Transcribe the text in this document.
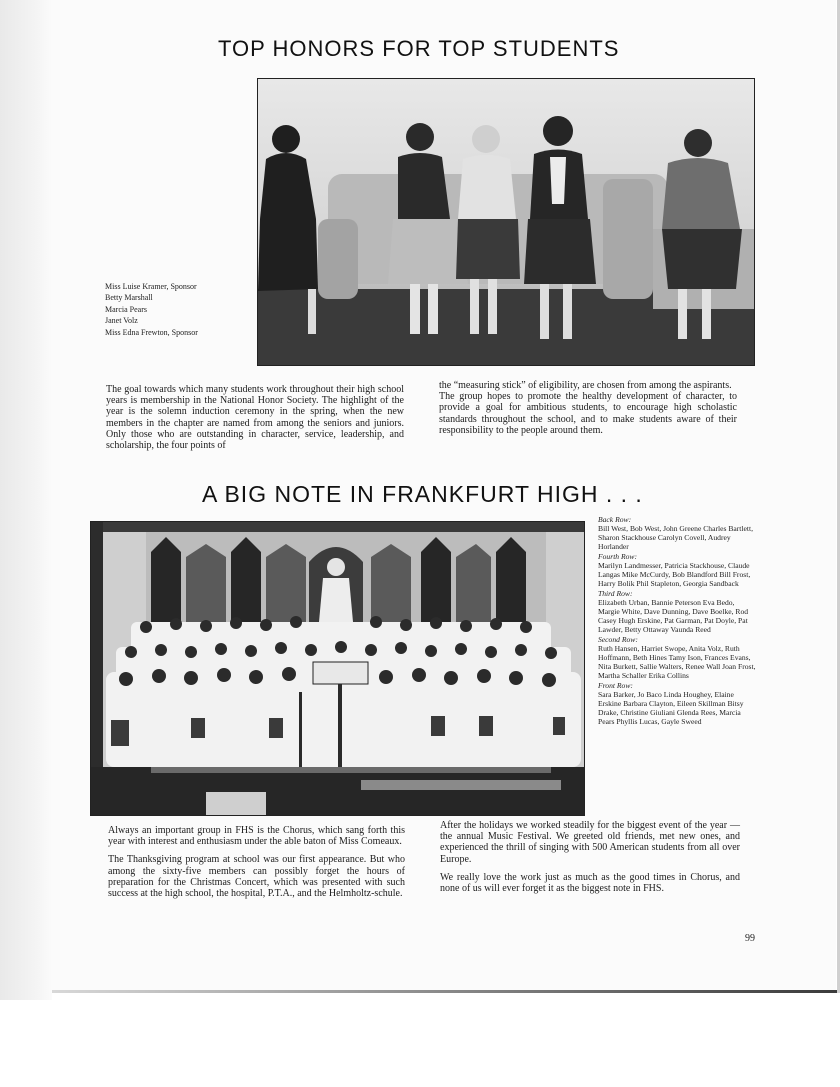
TOP HONORS FOR TOP STUDENTS
Miss Luise Kramer, Sponsor
Betty Marshall
Marcia Pears
Janet Volz
Miss Edna Frewton, Sponsor

The goal towards which many students work throughout their high school years is membership in the National Honor Society. The highlight of the year is the solemn induction ceremony in the spring, when the new members in the chapter are named from among the seniors and juniors. Only those who are outstanding in character, service, leadership, and scholarship, the four points of

the “measuring stick” of eligibility, are chosen from among the aspirants.
The group hopes to promote the healthy development of character, to provide a goal for ambitious students, to encourage high scholastic standards throughout the school, and to make students aware of their responsibility to the people around them.
A BIG NOTE IN FRANKFURT HIGH . . .
Back Row:
Bill West, Bob West, John Greene Charles Bartlett, Sharon Stackhouse Carolyn Covell, Audrey Horlander
Fourth Row:
Marilyn Landmesser, Patricia Stackhouse, Claude Langas Mike McCurdy, Bob Blandford Bill Frost, Harry Bolik Phil Stapleton, Georgia Sandback
Third Row:
Elizabeth Urban, Bannie Peterson Eva Bedo, Margie White, Dave Dunning, Dave Boelke, Rod Casey Hugh Erskine, Pat Garman, Pat Doyle, Pat Lawder, Betty Ottaway Vaunda Reed
Second Row:
Ruth Hansen, Harriet Swope, Anita Volz, Ruth Hoffmann, Beth Hines Tamy Ison, Frances Evans, Nita Burkett, Sallie Walters, Renee Wall Joan Frost, Martha Schaller Erika Collins
Front Row:
Sara Barker, Jo Baco Linda Houghey, Elaine Erskine Barbara Clayton, Eileen Skillman Bitsy Drake, Christine Giuliani Glenda Rees, Marcia Pears Phyllis Lucas, Gayle Sweed

Always an important group in FHS is the Chorus, which sang forth this year with interest and enthusiasm under the able baton of Miss Comeaux.

The Thanksgiving program at school was our first appearance. But who among the sixty-five members can possibly forget the hours of preparation for the Christmas Concert, which was presented with such success at the high school, the hospital, P.T.A., and the Helmholtz-schule.

After the holidays we worked steadily for the biggest event of the year — the annual Music Festival. We greeted old friends, met new ones, and experienced the thrill of singing with 500 American students from all over Europe.

We really love the work just as much as the good times in Chorus, and none of us will ever forget it as the biggest note in FHS.

99
